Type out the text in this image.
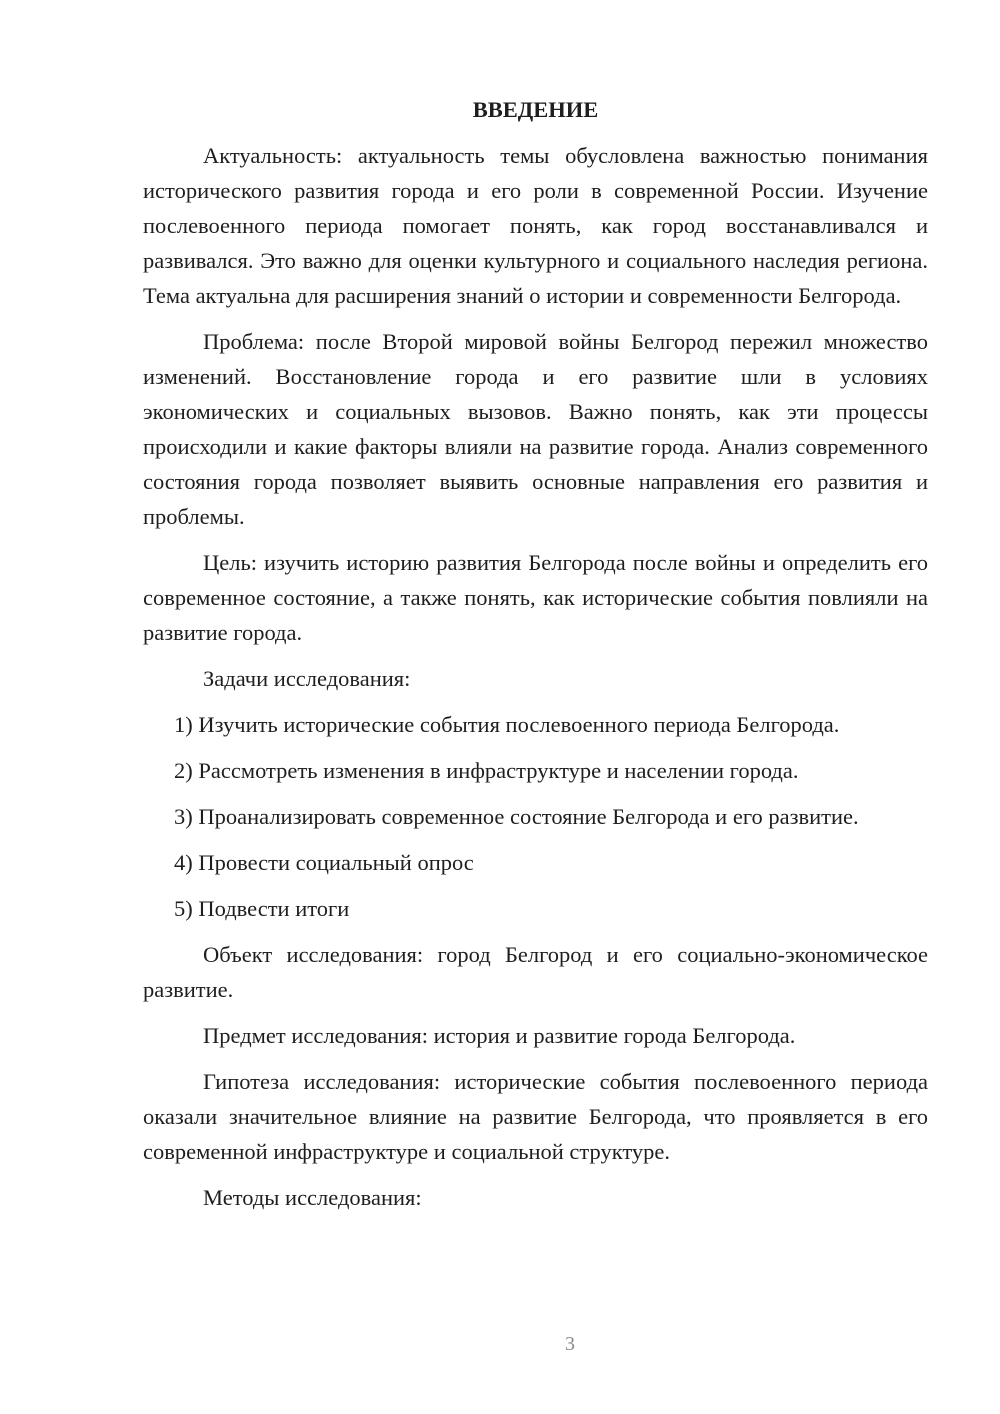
ВВЕДЕНИЕ

Актуальность: актуальность темы обусловлена важностью понимания исторического развития города и его роли в современной России. Изучение послевоенного периода помогает понять, как город восстанавливался и развивался. Это важно для оценки культурного и социального наследия региона. Тема актуальна для расширения знаний о истории и современности Белгорода.

Проблема: после Второй мировой войны Белгород пережил множество изменений. Восстановление города и его развитие шли в условиях экономических и социальных вызовов. Важно понять, как эти процессы происходили и какие факторы влияли на развитие города. Анализ современного состояния города позволяет выявить основные направления его развития и проблемы.

Цель: изучить историю развития Белгорода после войны и определить его современное состояние, а также понять, как исторические события повлияли на развитие города.

Задачи исследования:

1) Изучить исторические события послевоенного периода Белгорода.

2) Рассмотреть изменения в инфраструктуре и населении города.

3) Проанализировать современное состояние Белгорода и его развитие.

4) Провести социальный опрос

5) Подвести итоги

Объект исследования: город Белгород и его социально-экономическое развитие.

Предмет исследования: история и развитие города Белгорода.

Гипотеза исследования: исторические события послевоенного периода оказали значительное влияние на развитие Белгорода, что проявляется в его современной инфраструктуре и социальной структуре.

Методы исследования:

3
